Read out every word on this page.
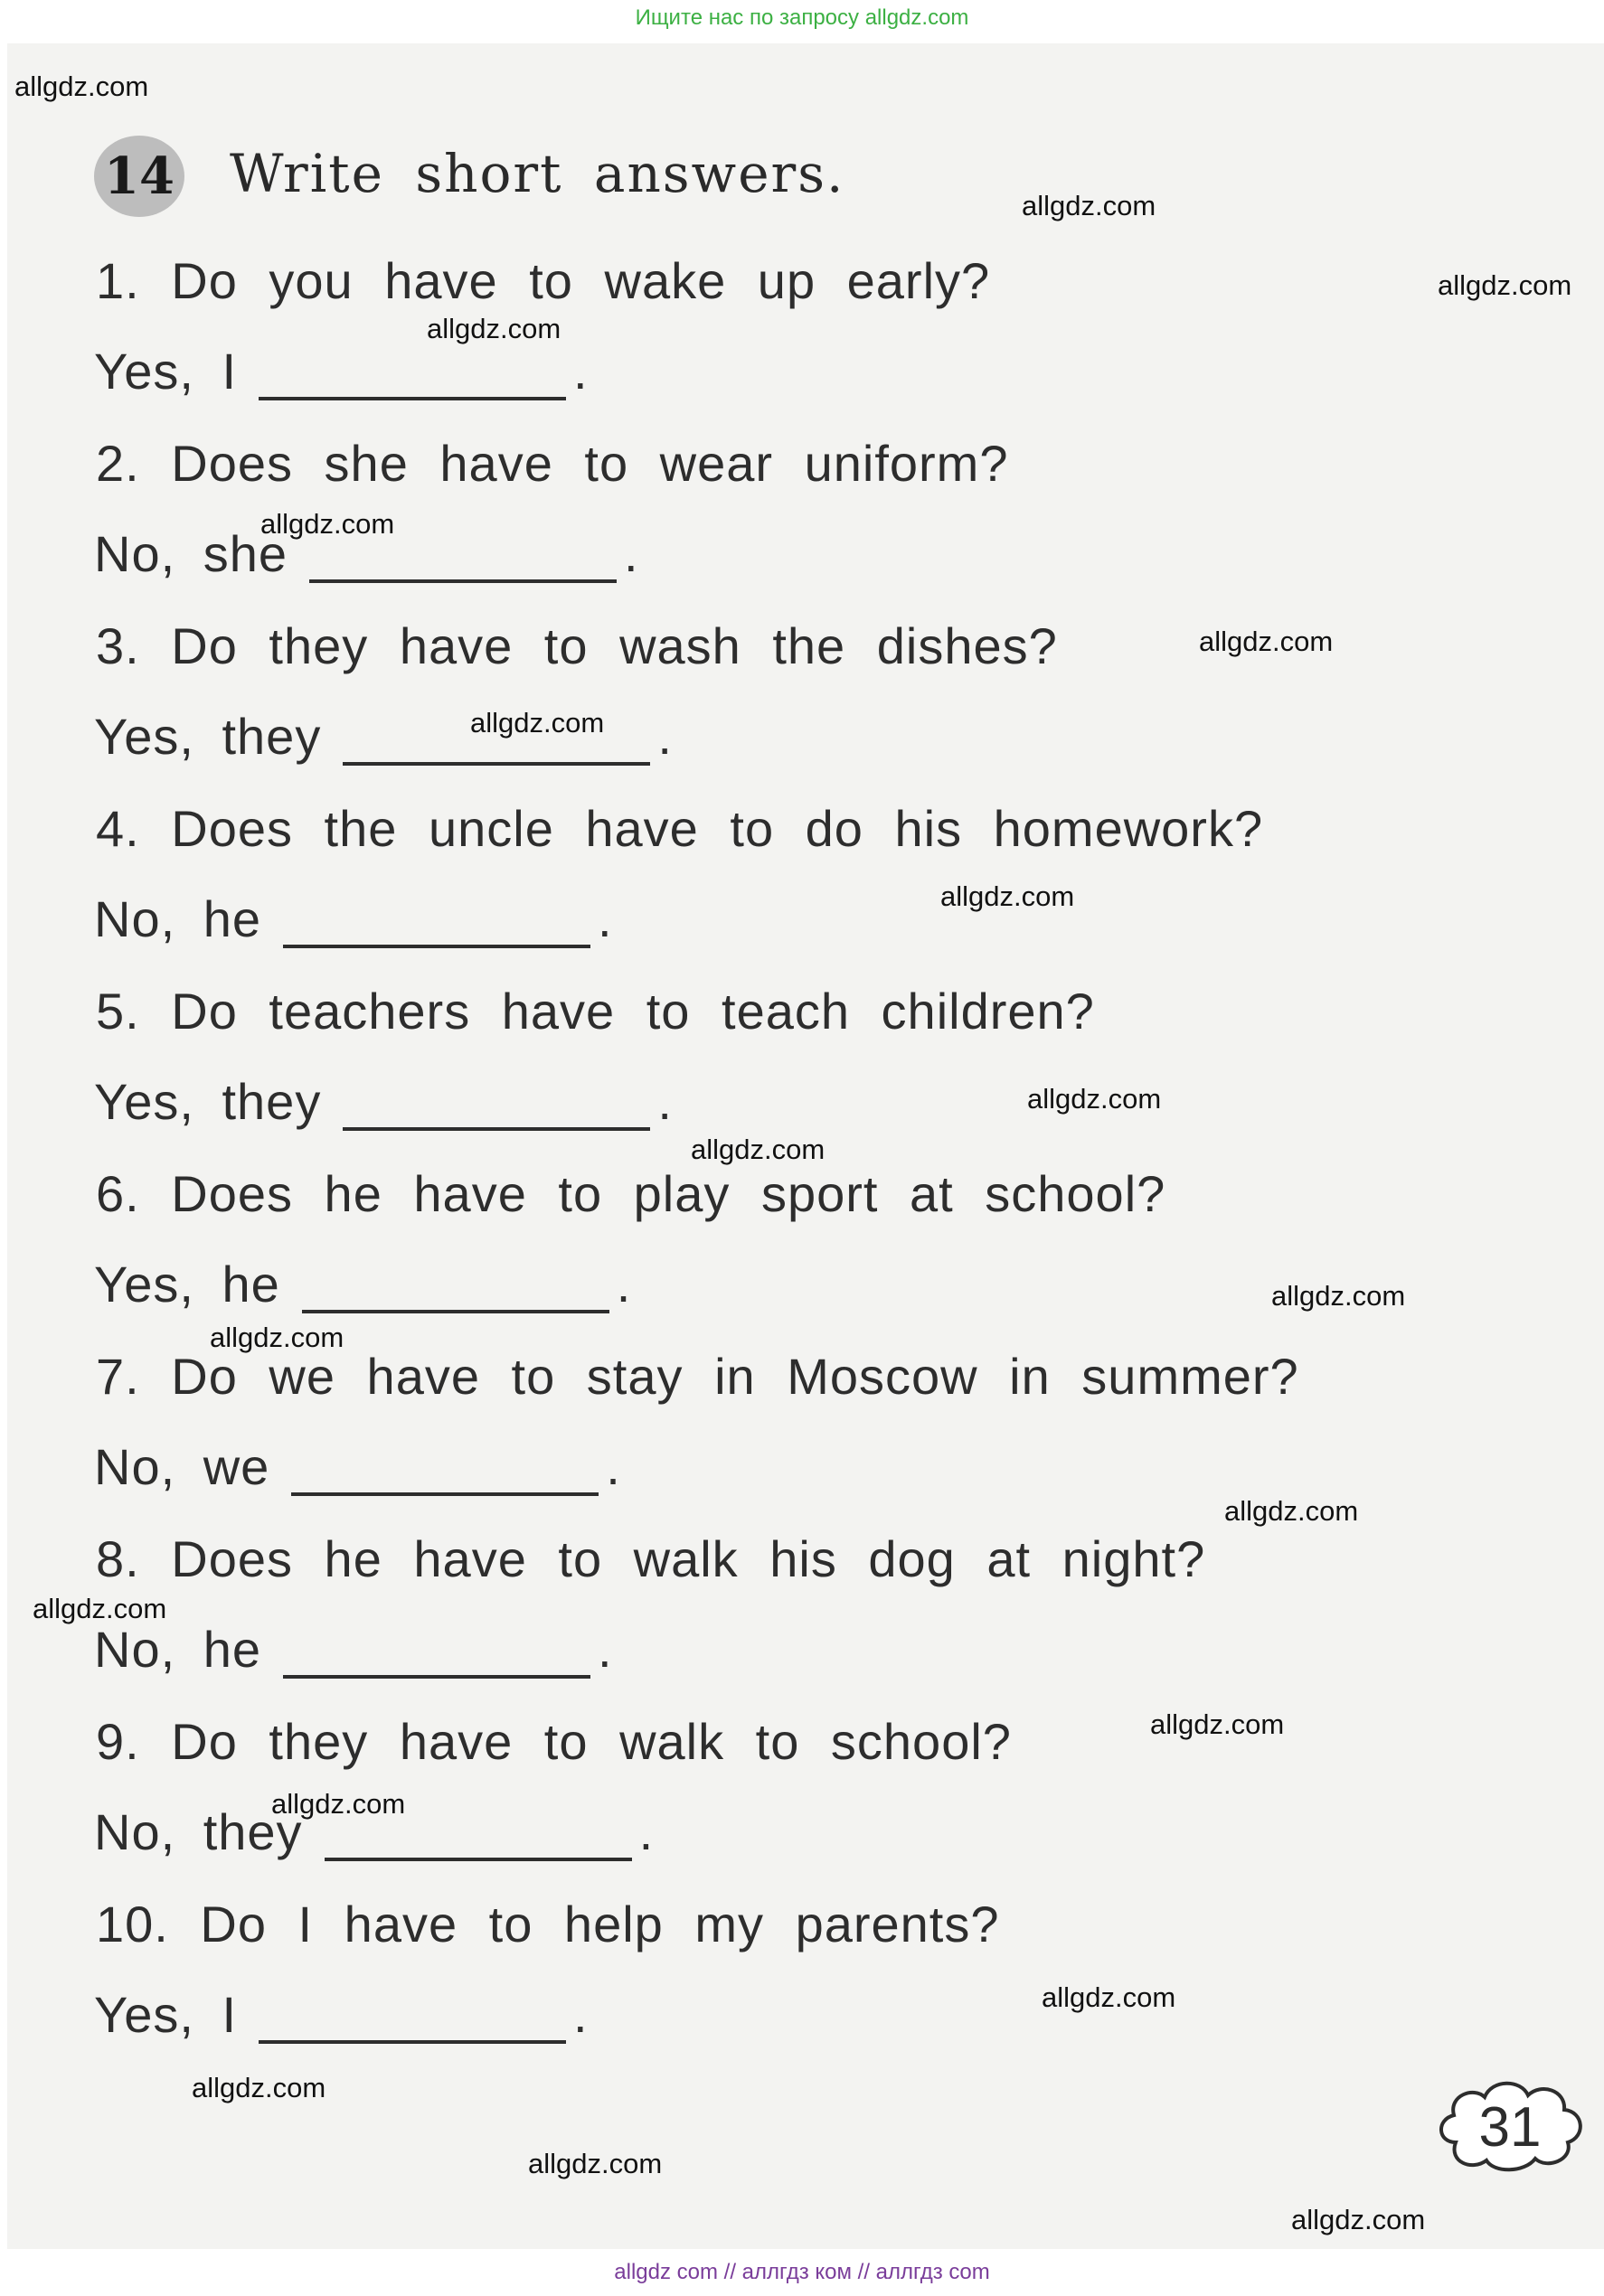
Ищите нас по запросу allgdz.com
14 Write short answers.
1. Do you have to wake up early?
Yes, I	.
2. Does she have to wear uniform?
No, she	.
3. Do they have to wash the dishes?
Yes, they	.
4. Does the uncle have to do his homework?
No, he	.
5. Do teachers have to teach children?
Yes, they	.
6. Does he have to play sport at school?
Yes, he	.
7. Do we have to stay in Moscow in summer?
No, we	.
8. Does he have to walk his dog at night?
No, he	.
9. Do they have to walk to school?
No, they	.
10. Do I have to help my parents?
Yes, I	.
31
allgdz.com
allgdz.com
allgdz.com
allgdz.com
allgdz.com
allgdz.com
allgdz.com
allgdz.com
allgdz.com
allgdz.com
allgdz.com
allgdz.com
allgdz.com
allgdz.com
allgdz.com
allgdz.com
allgdz.com
allgdz.com
allgdz.com
allgdz.com
allgdz com // аллгдз ком // аллгдз com
